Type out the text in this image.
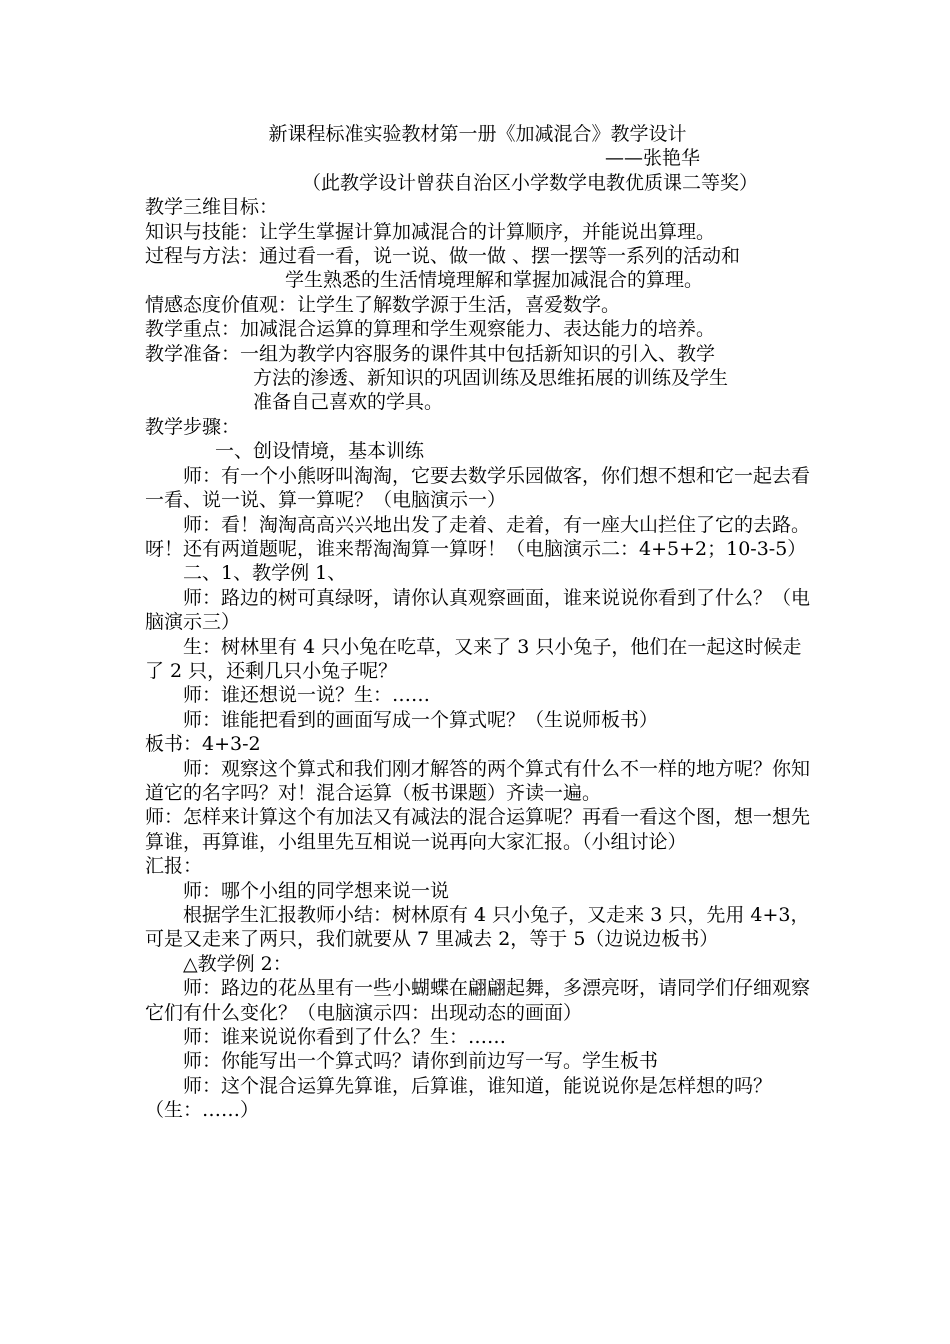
新课程标准实验教材第一册《加减混合》教学设计

——张艳华

（此教学设计曾获自治区小学数学电教优质课二等奖）

教学三维目标：

知识与技能：让学生掌握计算加减混合的计算顺序，并能说出算理。

过程与方法：通过看一看，说一说、做一做 、摆一摆等一系列的活动和

学生熟悉的生活情境理解和掌握加减混合的算理。

情感态度价值观：让学生了解数学源于生活，喜爱数学。

教学重点：加减混合运算的算理和学生观察能力、表达能力的培养。

教学准备：一组为教学内容服务的课件其中包括新知识的引入、教学

方法的渗透、新知识的巩固训练及思维拓展的训练及学生

准备自己喜欢的学具。

教学步骤：

一、创设情境，基本训练

师：有一个小熊呀叫淘淘，它要去数学乐园做客，你们想不想和它一起去看一看、说一说、算一算呢？（电脑演示一）

师：看！淘淘高高兴兴地出发了走着、走着，有一座大山拦住了它的去路。呀！还有两道题呢，谁来帮淘淘算一算呀！（电脑演示二：4+5+2；10-3-5）

二、1、教学例 1、

师：路边的树可真绿呀，请你认真观察画面，谁来说说你看到了什么？（电脑演示三）

生：树林里有 4 只小兔在吃草，又来了 3 只小兔子，他们在一起这时候走了 2 只，还剩几只小兔子呢？

师：谁还想说一说？生：……

师：谁能把看到的画面写成一个算式呢？（生说师板书）

板书：4+3-2

师：观察这个算式和我们刚才解答的两个算式有什么不一样的地方呢？你知道它的名字吗？对！混合运算（板书课题）齐读一遍。

师：怎样来计算这个有加法又有减法的混合运算呢？再看一看这个图，想一想先算谁，再算谁，小组里先互相说一说再向大家汇报。（小组讨论）

汇报：

师：哪个小组的同学想来说一说

根据学生汇报教师小结：树林原有 4 只小兔子，又走来 3 只，先用 4+3，可是又走来了两只，我们就要从 7 里减去 2，等于 5（边说边板书）

△教学例 2：

师：路边的花丛里有一些小蝴蝶在翩翩起舞，多漂亮呀，请同学们仔细观察它们有什么变化？（电脑演示四：出现动态的画面）

师：谁来说说你看到了什么？生：……

师：你能写出一个算式吗？请你到前边写一写。学生板书

师：这个混合运算先算谁，后算谁，谁知道，能说说你是怎样想的吗？（生：……）
